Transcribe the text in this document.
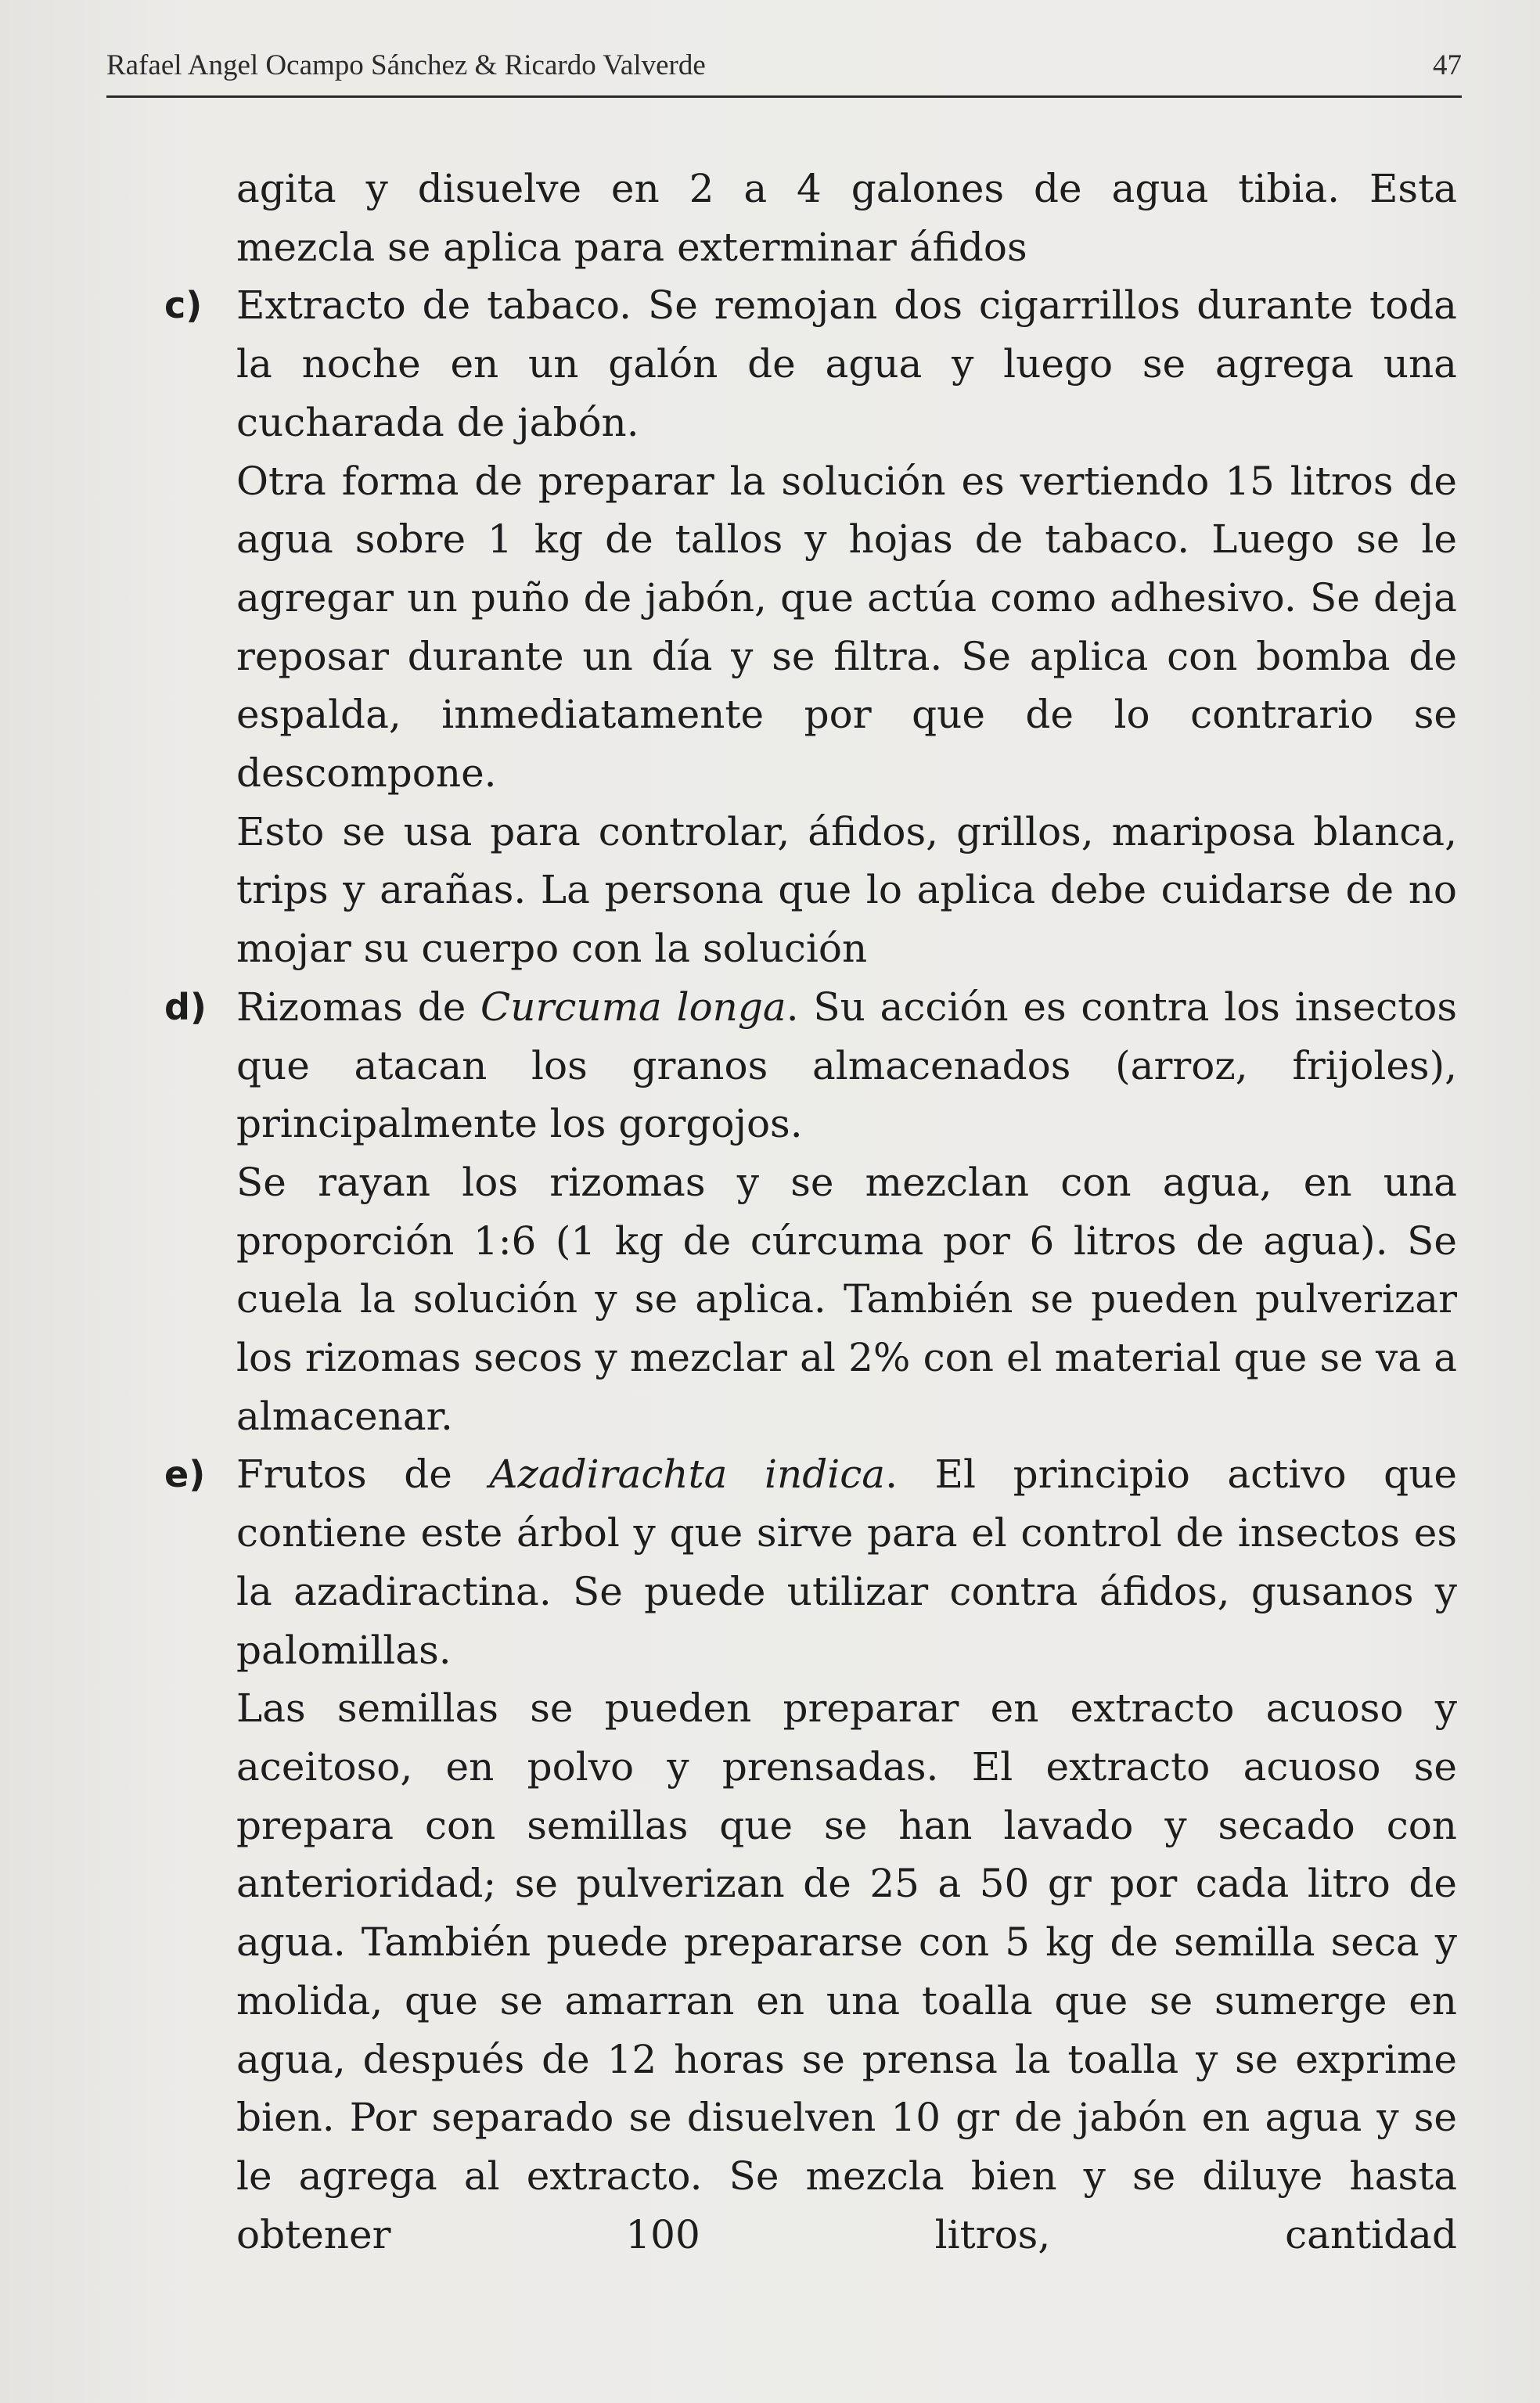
Rafael Angel Ocampo Sánchez & Ricardo Valverde	47

agita y disuelve en 2 a 4 galones de agua tibia. Esta

mezcla se aplica para exterminar áfidos

c) Extracto de tabaco. Se remojan dos cigarrillos durante toda la noche en un galón de agua y luego se agrega una cucharada de jabón.

Otra forma de preparar la solución es vertiendo 15 litros de agua sobre 1 kg de tallos y hojas de tabaco. Luego se le agregar un puño de jabón, que actúa como adhesivo. Se deja reposar durante un día y se filtra. Se aplica con bomba de espalda, inmediatamente por que de lo contrario se descompone.

Esto se usa para controlar, áfidos, grillos, mariposa blanca, trips y arañas. La persona que lo aplica debe cuidarse de no mojar su cuerpo con la solución

d) Rizomas de Curcuma longa. Su acción es contra los insectos que atacan los granos almacenados (arroz, frijoles), principalmente los gorgojos.

Se rayan los rizomas y se mezclan con agua, en una proporción 1:6 (1 kg de cúrcuma por 6 litros de agua). Se cuela la solución y se aplica. También se pueden pulverizar los rizomas secos y mezclar al 2% con el material que se va a almacenar.

e) Frutos de Azadirachta indica. El principio activo que contiene este árbol y que sirve para el control de insectos es la azadiractina. Se puede utilizar contra áfidos, gusanos y palomillas.

Las semillas se pueden preparar en extracto acuoso y aceitoso, en polvo y prensadas. El extracto acuoso se prepara con semillas que se han lavado y secado con anterioridad; se pulverizan de 25 a 50 gr por cada litro de agua. También puede prepararse con 5 kg de semilla seca y molida, que se amarran en una toalla que se sumerge en agua, después de 12 horas se prensa la toalla y se exprime bien. Por separado se disuelven 10 gr de jabón en agua y se le agrega al extracto. Se mezcla bien y se diluye hasta obtener 100 litros, cantidad
